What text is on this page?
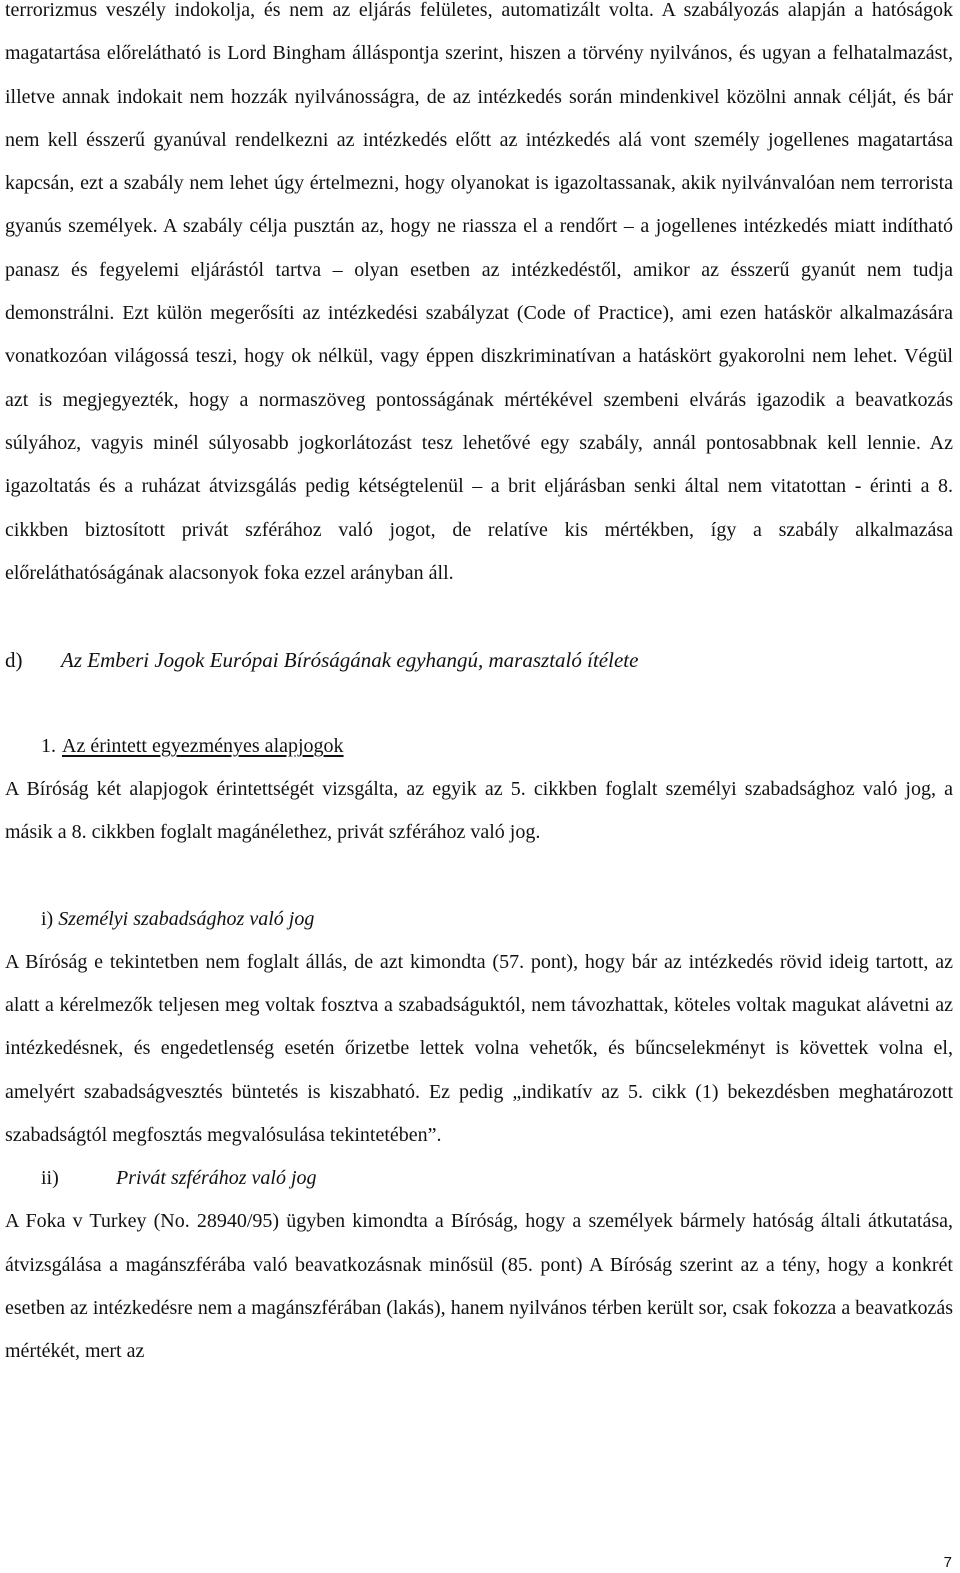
terrorizmus veszély indokolja, és nem az eljárás felületes, automatizált volta. A szabályozás alapján a hatóságok magatartása előrelátható is Lord Bingham álláspontja szerint, hiszen a törvény nyilvános, és ugyan a felhatalmazást, illetve annak indokait nem hozzák nyilvánosságra, de az intézkedés során mindenkivel közölni annak célját, és bár nem kell ésszerű gyanúval rendelkezni az intézkedés előtt az intézkedés alá vont személy jogellenes magatartása kapcsán, ezt a szabály nem lehet úgy értelmezni, hogy olyanokat is igazoltassanak, akik nyilvánvalóan nem terrorista gyanús személyek. A szabály célja pusztán az, hogy ne riassza el a rendőrt – a jogellenes intézkedés miatt indítható panasz és fegyelemi eljárástól tartva – olyan esetben az intézkedéstől, amikor az ésszerű gyanút nem tudja demonstrálni. Ezt külön megerősíti az intézkedési szabályzat (Code of Practice), ami ezen hatáskör alkalmazására vonatkozóan világossá teszi, hogy ok nélkül, vagy éppen diszkriminatívan a hatáskört gyakorolni nem lehet. Végül azt is megjegyezték, hogy a normaszöveg pontosságának mértékével szembeni elvárás igazodik a beavatkozás súlyához, vagyis minél súlyosabb jogkorlátozást tesz lehetővé egy szabály, annál pontosabbnak kell lennie. Az igazoltatás és a ruházat átvizsgálás pedig kétségtelenül – a brit eljárásban senki által nem vitatottan - érinti a 8. cikkben biztosított privát szférához való jogot, de relatíve kis mértékben, így a szabály alkalmazása előreláthatóságának alacsonyok foka ezzel arányban áll.

d) Az Emberi Jogok Európai Bíróságának egyhangú, marasztaló ítélete
1. Az érintett egyezményes alapjogok

A Bíróság két alapjogok érintettségét vizsgálta, az egyik az 5. cikkben foglalt személyi szabadsághoz való jog, a másik a 8. cikkben foglalt magánélethez, privát szférához való jog.

i) Személyi szabadsághoz való jog

A Bíróság e tekintetben nem foglalt állás, de azt kimondta (57. pont), hogy bár az intézkedés rövid ideig tartott, az alatt a kérelmezők teljesen meg voltak fosztva a szabadságuktól, nem távozhattak, köteles voltak magukat alávetni az intézkedésnek, és engedetlenség esetén őrizetbe lettek volna vehetők, és bűncselekményt is követtek volna el, amelyért szabadságvesztés büntetés is kiszabható. Ez pedig „indikatív az 5. cikk (1) bekezdésben meghatározott szabadságtól megfosztás megvalósulása tekintetében”.

ii)	Privát szférához való jog

A Foka v Turkey (No. 28940/95) ügyben kimondta a Bíróság, hogy a személyek bármely hatóság általi átkutatása, átvizsgálása a magánszférába való beavatkozásnak minősül (85. pont) A Bíróság szerint az a tény, hogy a konkrét esetben az intézkedésre nem a magánszférában (lakás), hanem nyilvános térben került sor, csak fokozza a beavatkozás mértékét, mert az

7
